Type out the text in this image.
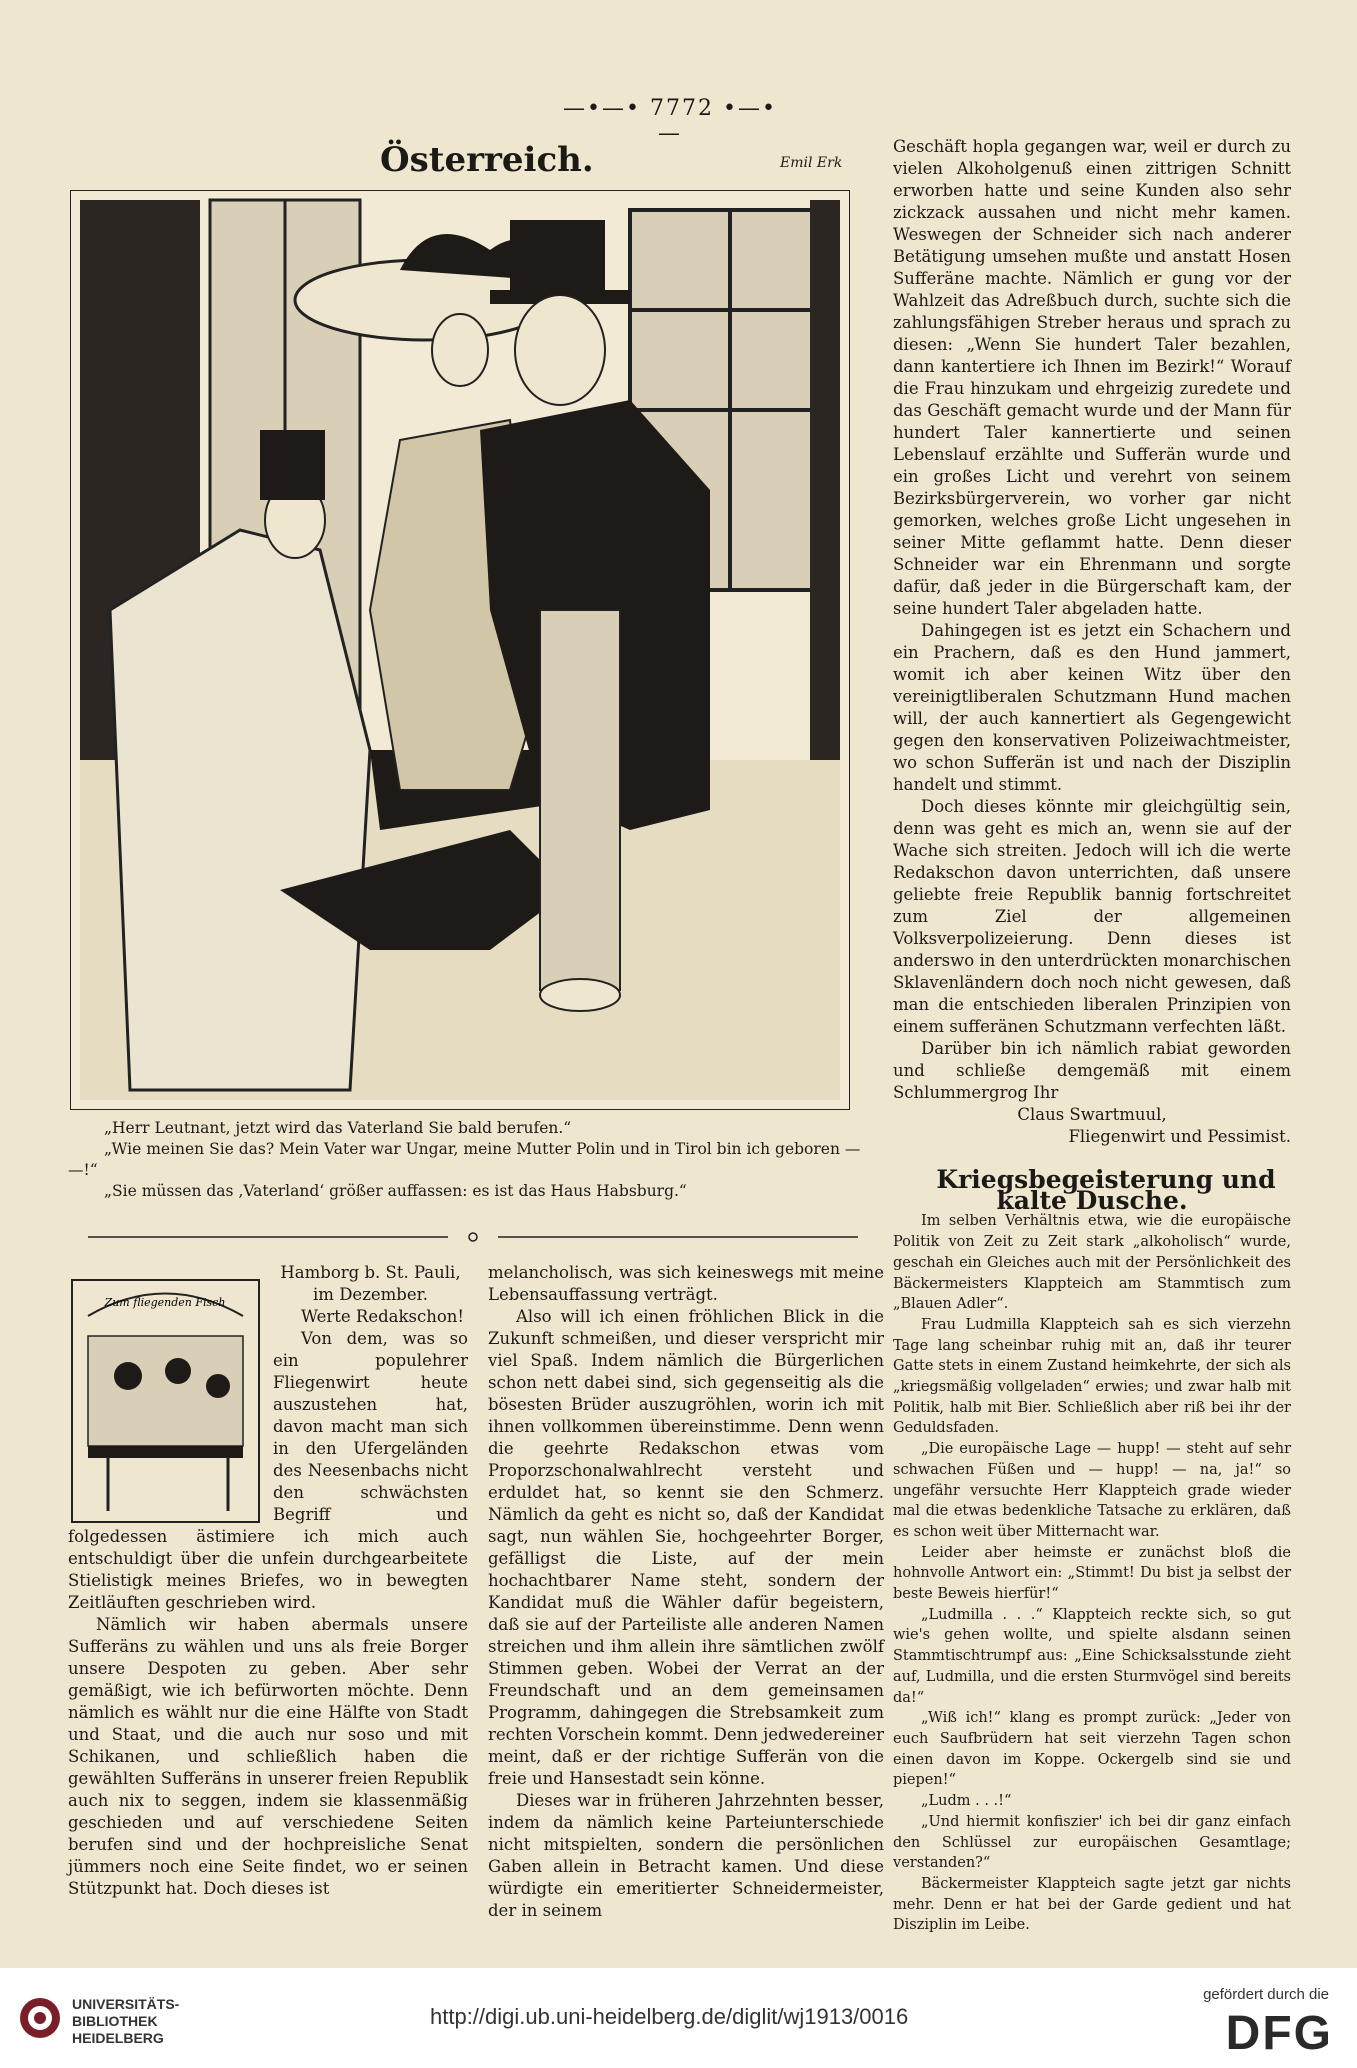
—•—• 7772 •—•—
Österreich.	Emil Erk

„Herr Leutnant, jetzt wird das Vaterland Sie bald berufen.“

„Wie meinen Sie das? Mein Vater war Ungar, meine Mutter Polin und in Tirol bin ich geboren — —!“

„Sie müssen das ‚Vaterland‘ größer auffassen: es ist das Haus Habsburg.“

Geschäft hopla gegangen war, weil er durch zu vielen Alkoholgenuß einen zittrigen Schnitt erworben hatte und seine Kunden also sehr zickzack aussahen und nicht mehr kamen. Weswegen der Schneider sich nach anderer Betätigung umsehen mußte und anstatt Hosen Sufferäne machte. Nämlich er gung vor der Wahlzeit das Adreßbuch durch, suchte sich die zahlungsfähigen Streber heraus und sprach zu diesen: „Wenn Sie hundert Taler bezahlen, dann kantertiere ich Ihnen im Bezirk!“ Worauf die Frau hinzukam und ehrgeizig zuredete und das Geschäft gemacht wurde und der Mann für hundert Taler kannertierte und seinen Lebenslauf erzählte und Sufferän wurde und ein großes Licht und verehrt von seinem Bezirksbürgerverein, wo vorher gar nicht gemorken, welches große Licht ungesehen in seiner Mitte geflammt hatte. Denn dieser Schneider war ein Ehrenmann und sorgte dafür, daß jeder in die Bürgerschaft kam, der seine hundert Taler abgeladen hatte.

Dahingegen ist es jetzt ein Schachern und ein Prachern, daß es den Hund jammert, womit ich aber keinen Witz über den vereinigtliberalen Schutzmann Hund machen will, der auch kannertiert als Gegengewicht gegen den konservativen Polizeiwachtmeister, wo schon Sufferän ist und nach der Disziplin handelt und stimmt.

Doch dieses könnte mir gleichgültig sein, denn was geht es mich an, wenn sie auf der Wache sich streiten. Jedoch will ich die werte Redakschon davon unterrichten, daß unsere geliebte freie Republik bannig fortschreitet zum Ziel der allgemeinen Volksverpolizeierung. Denn dieses ist anderswo in den unterdrückten monarchischen Sklavenländern doch noch nicht gewesen, daß man die entschieden liberalen Prinzipien von einem sufferänen Schutzmann verfechten läßt.

Darüber bin ich nämlich rabiat geworden und schließe demgemäß mit einem Schlummergrog Ihr

Claus Swartmuul,

Fliegenwirt und Pessimist.

Kriegsbegeisterung und kalte Dusche.

Im selben Verhältnis etwa, wie die europäische Politik von Zeit zu Zeit stark „alkoholisch“ wurde, geschah ein Gleiches auch mit der Persönlichkeit des Bäckermeisters Klappteich am Stammtisch zum „Blauen Adler“.

Frau Ludmilla Klappteich sah es sich vierzehn Tage lang scheinbar ruhig mit an, daß ihr teurer Gatte stets in einem Zustand heimkehrte, der sich als „kriegsmäßig vollgeladen“ erwies; und zwar halb mit Politik, halb mit Bier. Schließlich aber riß bei ihr der Geduldsfaden.

„Die europäische Lage — hupp! — steht auf sehr schwachen Füßen und — hupp! — na, ja!“ so ungefähr versuchte Herr Klappteich grade wieder mal die etwas bedenkliche Tatsache zu erklären, daß es schon weit über Mitternacht war.

Leider aber heimste er zunächst bloß die hohnvolle Antwort ein: „Stimmt! Du bist ja selbst der beste Beweis hierfür!“

„Ludmilla . . .“ Klappteich reckte sich, so gut wie's gehen wollte, und spielte alsdann seinen Stammtischtrumpf aus: „Eine Schicksalsstunde zieht auf, Ludmilla, und die ersten Sturmvögel sind bereits da!“

„Wiß ich!“ klang es prompt zurück: „Jeder von euch Saufbrüdern hat seit vierzehn Tagen schon einen davon im Koppe. Ockergelb sind sie und piepen!“

„Ludm . . .!“

„Und hiermit konfiszier' ich bei dir ganz einfach den Schlüssel zur europäischen Gesamtlage; verstanden?“

Bäckermeister Klappteich sagte jetzt gar nichts mehr. Denn er hat bei der Garde gedient und hat Disziplin im Leibe.

Hamborg b. St. Pauli,

im Dezember.

Werte Redakschon!

Von dem, was so ein populehrer Fliegenwirt heute auszustehen hat, davon macht man sich in den Ufergeländen des Neesenbachs nicht den schwächsten Begriff und folgedessen ästimiere ich mich auch entschuldigt über die unfein durchgearbeitete Stielistigk meines Briefes, wo in bewegten Zeitläuften geschrieben wird.

Nämlich wir haben abermals unsere Sufferäns zu wählen und uns als freie Borger unsere Despoten zu geben. Aber sehr gemäßigt, wie ich befürworten möchte. Denn nämlich es wählt nur die eine Hälfte von Stadt und Staat, und die auch nur soso und mit Schikanen, und schließlich haben die gewählten Sufferäns in unserer freien Republik auch nix to seggen, indem sie klassenmäßig geschieden und auf verschiedene Seiten berufen sind und der hochpreisliche Senat jümmers noch eine Seite findet, wo er seinen Stützpunkt hat. Doch dieses ist

Zum fliegenden Fisch

melancholisch, was sich keineswegs mit meine Lebensauffassung verträgt.

Also will ich einen fröhlichen Blick in die Zukunft schmeißen, und dieser verspricht mir viel Spaß. Indem nämlich die Bürgerlichen schon nett dabei sind, sich gegenseitig als die bösesten Brüder auszugröhlen, worin ich mit ihnen vollkommen übereinstimme. Denn wenn die geehrte Redakschon etwas vom Proporzschonalwahlrecht versteht und erduldet hat, so kennt sie den Schmerz. Nämlich da geht es nicht so, daß der Kandidat sagt, nun wählen Sie, hochgeehrter Borger, gefälligst die Liste, auf der mein hochachtbarer Name steht, sondern der Kandidat muß die Wähler dafür begeistern, daß sie auf der Parteiliste alle anderen Namen streichen und ihm allein ihre sämtlichen zwölf Stimmen geben. Wobei der Verrat an der Freundschaft und an dem gemeinsamen Programm, dahingegen die Strebsamkeit zum rechten Vorschein kommt. Denn jedwedereiner meint, daß er der richtige Sufferän von die freie und Hansestadt sein könne.

Dieses war in früheren Jahrzehnten besser, indem da nämlich keine Parteiunterschiede nicht mitspielten, sondern die persönlichen Gaben allein in Betracht kamen. Und diese würdigte ein emeritierter Schneidermeister, der in seinem

UNIVERSITÄTS-
BIBLIOTHEK
HEIDELBERG
http://digi.ub.uni-heidelberg.de/diglit/wj1913/0016
gefördert durch die
DFG
